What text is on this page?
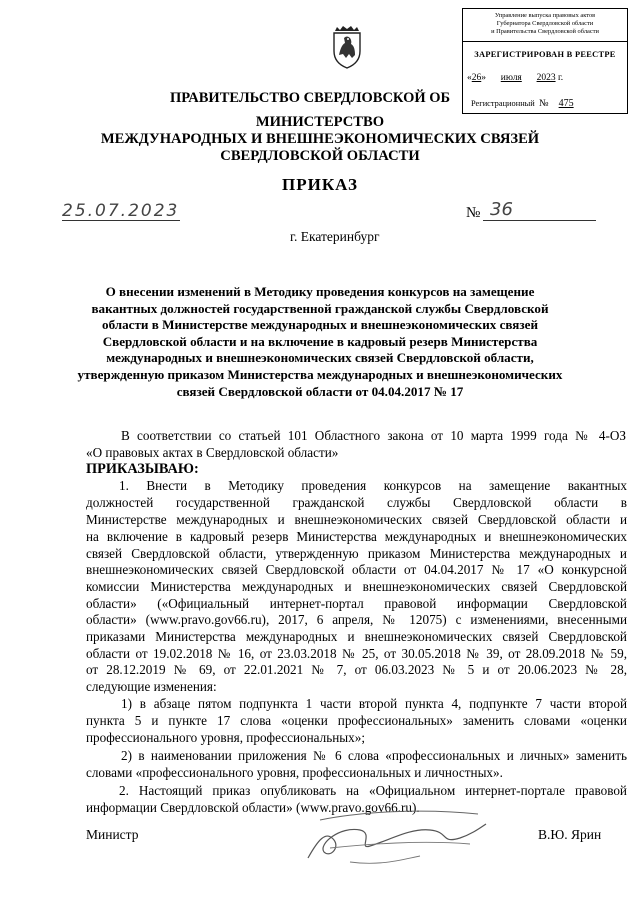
Управление выпуска правовых актов
Губернатора Свердловской области
и Правительства Свердловской области
ЗАРЕГИСТРИРОВАН В РЕЕСТРЕ
«26»  июля 2023 г.
Регистрационный № 475
ПРАВИТЕЛЬСТВО СВЕРДЛОВСКОЙ ОБ
МИНИСТЕРСТВО
МЕЖДУНАРОДНЫХ И ВНЕШНЕЭКОНОМИЧЕСКИХ СВЯЗЕЙ
СВЕРДЛОВСКОЙ ОБЛАСТИ
ПРИКАЗ
25.07.2023	№ 36
г. Екатеринбург
О внесении изменений в Методику проведения конкурсов на замещение
вакантных должностей государственной гражданской службы Свердловской
области в Министерстве международных и внешнеэкономических связей
Свердловской области и на включение в кадровый резерв Министерства
международных и внешнеэкономических связей Свердловской области,
утвержденную приказом Министерства международных и внешнеэкономических
связей Свердловской области от 04.04.2017 № 17
В соответствии со статьей 101 Областного закона от 10 марта 1999 года № 4-ОЗ
«О правовых актах в Свердловской области»
ПРИКАЗЫВАЮ:
1. Внести в Методику проведения конкурсов на замещение вакантных
должностей государственной гражданской службы Свердловской области в
Министерстве международных и внешнеэкономических связей Свердловской области и
на включение в кадровый резерв Министерства международных и внешнеэкономических
связей Свердловской области, утвержденную приказом Министерства международных и
внешнеэкономических связей Свердловской области от 04.04.2017 № 17 «О конкурсной
комиссии Министерства международных и внешнеэкономических связей Свердловской
области» («Официальный интернет-портал правовой информации Свердловской
области» (www.pravo.gov66.ru), 2017, 6 апреля, № 12075) с изменениями, внесенными
приказами Министерства международных и внешнеэкономических связей Свердловской
области от 19.02.2018 № 16, от 23.03.2018 № 25, от 30.05.2018 № 39, от 28.09.2018 № 59,
от 28.12.2019 № 69, от 22.01.2021 № 7, от 06.03.2023 № 5 и от 20.06.2023 № 28,
следующие изменения:
1) в абзаце пятом подпункта 1 части второй пункта 4, подпункте 7 части второй
пункта 5 и пункте 17 слова «оценки профессиональных» заменить словами «оценки
профессионального уровня, профессиональных»;
2) в наименовании приложения № 6 слова «профессиональных и личных» заменить
словами «профессионального уровня, профессиональных и личностных».
2. Настоящий приказ опубликовать на «Официальном интернет-портале правовой
информации Свердловской области» (www.pravo.gov66.ru).
Министр	В.Ю. Ярин
